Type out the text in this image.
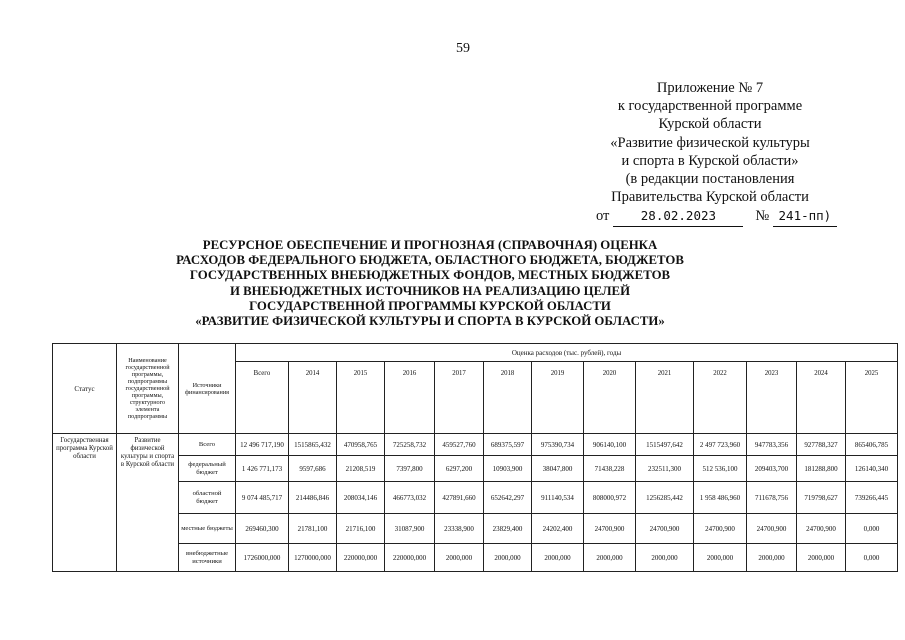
59
Приложение № 7
к государственной программе
Курской области
«Развитие физической культуры
и спорта в Курской области»
(в редакции постановления
Правительства Курской области
от	28.02.2023	№ 241-пп)
РЕСУРСНОЕ ОБЕСПЕЧЕНИЕ И ПРОГНОЗНАЯ (СПРАВОЧНАЯ) ОЦЕНКА
РАСХОДОВ ФЕДЕРАЛЬНОГО БЮДЖЕТА, ОБЛАСТНОГО БЮДЖЕТА, БЮДЖЕТОВ
ГОСУДАРСТВЕННЫХ ВНЕБЮДЖЕТНЫХ ФОНДОВ, МЕСТНЫХ БЮДЖЕТОВ
И ВНЕБЮДЖЕТНЫХ ИСТОЧНИКОВ НА РЕАЛИЗАЦИЮ ЦЕЛЕЙ
ГОСУДАРСТВЕННОЙ ПРОГРАММЫ КУРСКОЙ ОБЛАСТИ
«РАЗВИТИЕ ФИЗИЧЕСКОЙ КУЛЬТУРЫ И СПОРТА В КУРСКОЙ ОБЛАСТИ»
Статус	Наименование государственной программы, подпрограммы государственной программы, структурного элемента подпрограммы	Источники финансирования	Оценка расходов (тыс. рублей), годы												
			Всего	2014	2015	2016	2017	2018	2019	2020	2021	2022	2023	2024	2025
Государственная программа Курской области	Развитие физической культуры и спорта в Курской области	Всего	12 496 717,190	1515865,432	470958,765	725258,732	459527,760	689375,597	975390,734	906140,100	1515497,642	2 497 723,960	947783,356	927788,327	865406,785
		федеральный бюджет	1 426 771,173	9597,686	21208,519	7397,800	6297,200	10903,900	38047,800	71438,228	232511,300	512 536,100	209403,700	181288,800	126140,340
		областной бюджет	9 074 485,717	214486,846	208034,146	466773,032	427891,660	652642,297	911140,534	808000,972	1256285,442	1 958 486,960	711678,756	719798,627	739266,445
		местные бюджеты	269460,300	21781,100	21716,100	31087,900	23338,900	23829,400	24202,400	24700,900	24700,900	24700,900	24700,900	24700,900	0,000
		внебюджетные источники	1726000,000	1270000,000	220000,000	220000,000	2000,000	2000,000	2000,000	2000,000	2000,000	2000,000	2000,000	2000,000	0,000
